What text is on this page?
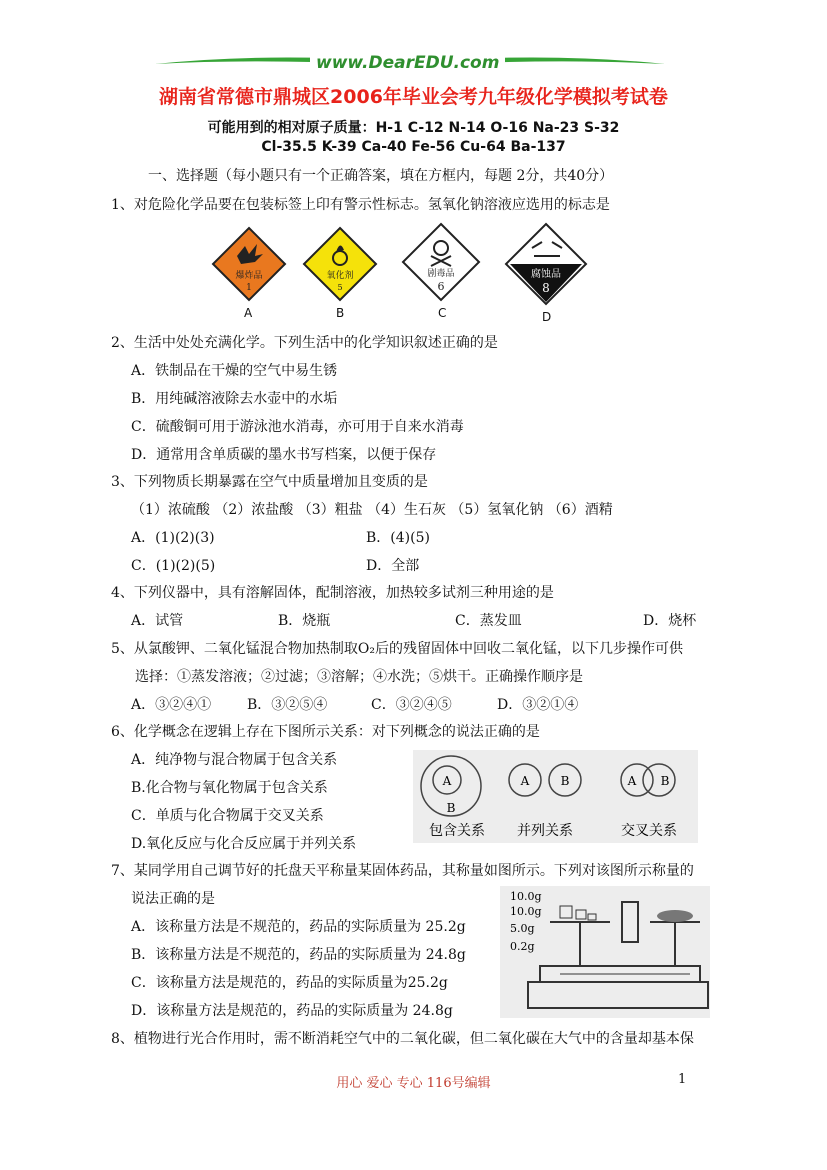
www.DearEDU.com
湖南省常德市鼎城区2006年毕业会考九年级化学模拟考试卷
可能用到的相对原子质量：H-1 C-12 N-14 O-16 Na-23 S-32
Cl-35.5 K-39 Ca-40 Fe-56 Cu-64 Ba-137
一、选择题（每小题只有一个正确答案，填在方框内，每题 2分，共40分）
1、对危险化学品要在包装标签上印有警示性标志。氢氧化钠溶液应选用的标志是
爆炸品
1
A
氧化剂
5
B
剧毒品
6
C
腐蚀品
8
D
2、生活中处处充满化学。下列生活中的化学知识叙述正确的是
A．铁制品在干燥的空气中易生锈
B．用纯碱溶液除去水壶中的水垢
C．硫酸铜可用于游泳池水消毒，亦可用于自来水消毒
D．通常用含单质碳的墨水书写档案，以便于保存
3、下列物质长期暴露在空气中质量增加且变质的是
（1）浓硫酸 （2）浓盐酸 （3）粗盐 （4）生石灰 （5）氢氧化钠 （6）酒精
A．(1)(2)(3)	B．(4)(5)
C．(1)(2)(5)	D．全部
4、下列仪器中，具有溶解固体，配制溶液，加热较多试剂三种用途的是
A．试管	B．烧瓶	C．蒸发皿	D．烧杯
5、从氯酸钾、二氧化锰混合物加热制取O₂后的残留固体中回收二氧化锰，以下几步操作可供
选择：①蒸发溶液；②过滤；③溶解；④水洗；⑤烘干。正确操作顺序是
A．③②④①	B．③②⑤④	C．③②④⑤	D．③②①④
6、化学概念在逻辑上存在下图所示关系：对下列概念的说法正确的是
A．纯净物与混合物属于包含关系
B.化合物与氧化物属于包含关系
C．单质与化合物属于交叉关系
D.氧化反应与化合反应属于并列关系
A
B
A	B	A B
包含关系 并列关系	交叉关系
7、某同学用自己调节好的托盘天平称量某固体药品，其称量如图所示。下列对该图所示称量的
说法正确的是
A．该称量方法是不规范的，药品的实际质量为 25.2g
B．该称量方法是不规范的，药品的实际质量为 24.8g
C．该称量方法是规范的，药品的实际质量为25.2g
D．该称量方法是规范的，药品的实际质量为 24.8g
10.0g
10.0g
5.0g
0.2g
8、植物进行光合作用时，需不断消耗空气中的二氧化碳，但二氧化碳在大气中的含量却基本保
用心 爱心 专心 116号编辑	1
